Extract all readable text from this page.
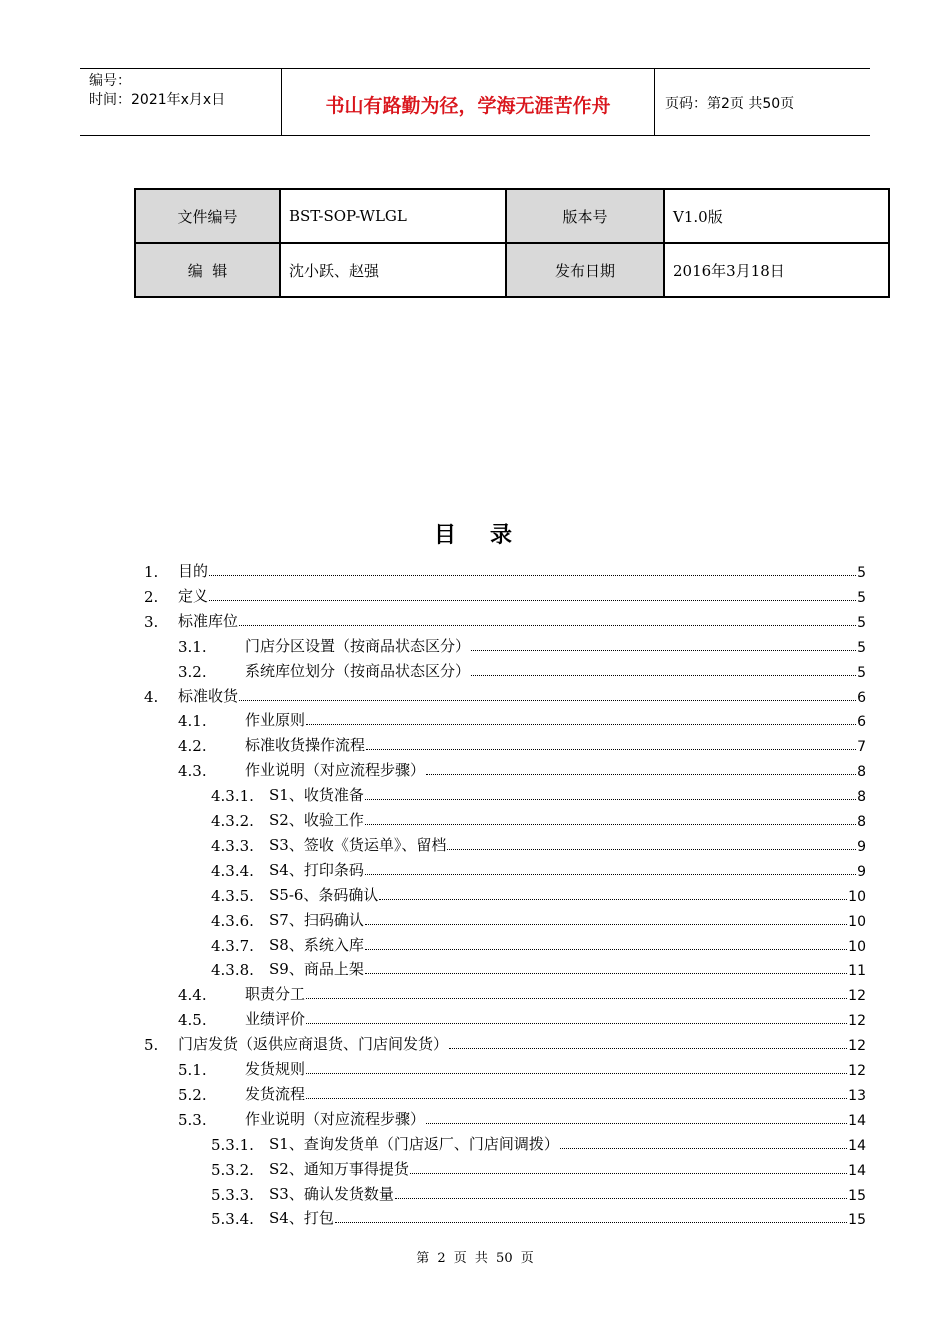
编号：
时间：2021年x月x日	书山有路勤为径，学海无涯苦作舟	页码：第2页 共50页
文件编号	BST-SOP-WLGL	版本号	V1.0版
编  辑	沈小跃、赵强	发布日期	2016年3月18日
目录
1.	目的	5
2.	定义	5
3.	标准库位	5
3.1.	门店分区设置（按商品状态区分）	5
3.2.	系统库位划分（按商品状态区分）	5
4.	标准收货	6
4.1.	作业原则	6
4.2.	标准收货操作流程	7
4.3.	作业说明（对应流程步骤）	8
4.3.1.	S1、收货准备	8
4.3.2.	S2、收验工作	8
4.3.3.	S3、签收《货运单》、留档	9
4.3.4.	S4、打印条码	9
4.3.5.	S5-6、条码确认	10
4.3.6.	S7、扫码确认	10
4.3.7.	S8、系统入库	10
4.3.8.	S9、商品上架	11
4.4.	职责分工	12
4.5.	业绩评价	12
5.	门店发货（返供应商退货、门店间发货）	12
5.1.	发货规则	12
5.2.	发货流程	13
5.3.	作业说明（对应流程步骤）	14
5.3.1.	S1、查询发货单（门店返厂、门店间调拨）	14
5.3.2.	S2、通知万事得提货	14
5.3.3.	S3、确认发货数量	15
5.3.4.	S4、打包	15
第 2 页 共 50 页
